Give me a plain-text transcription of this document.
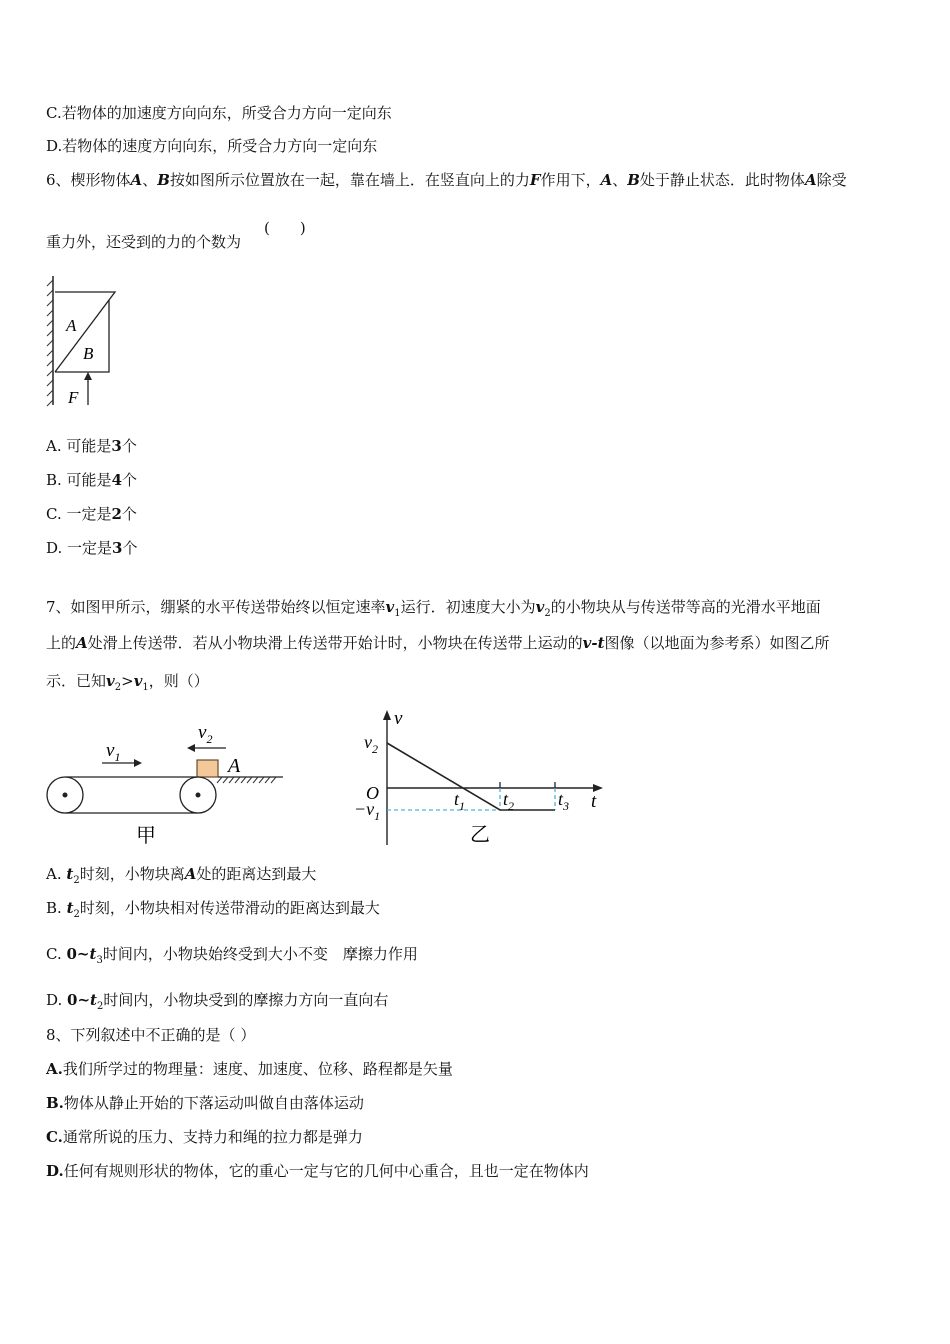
C.若物体的加速度方向向东，所受合力方向一定向东
D.若物体的速度方向向东，所受合力方向一定向东
6、楔形物体A、B按如图所示位置放在一起，靠在墙上．在竖直向上的力F作用下，A、B处于静止状态．此时物体A除受
重力外，还受到的力的个数为
(　　)
A
B
F
A. 可能是3个
B. 可能是4个
C. 一定是2个
D. 一定是3个
7、如图甲所示，绷紧的水平传送带始终以恒定速率$v_1$运行．初速度大小为$v_2$的小物块从与传送带等高的光滑水平地面
上的A处滑上传送带．若从小物块滑上传送带开始计时，小物块在传送带上运动的v-t图像（以地面为参考系）如图乙所
示．已知$v_2>v_1$，则（）
$v_1$
$v_2$
A
甲
v
t
O
$v_2$
$-v_1$
$t_1$ $t_2$ $t_3$
乙
A. $t_2$时刻，小物块离A处的距离达到最大
B. $t_2$时刻，小物块相对传送带滑动的距离达到最大
C. $0\sim t_3$时间内，小物块始终受到大小不变　摩擦力作用
D. $0\sim t_2$时间内，小物块受到的摩擦力方向一直向右
8、下列叙述中不正确的是（ ）
A.我们所学过的物理量：速度、加速度、位移、路程都是矢量
B.物体从静止开始的下落运动叫做自由落体运动
C.通常所说的压力、支持力和绳的拉力都是弹力
D.任何有规则形状的物体，它的重心一定与它的几何中心重合，且也一定在物体内
